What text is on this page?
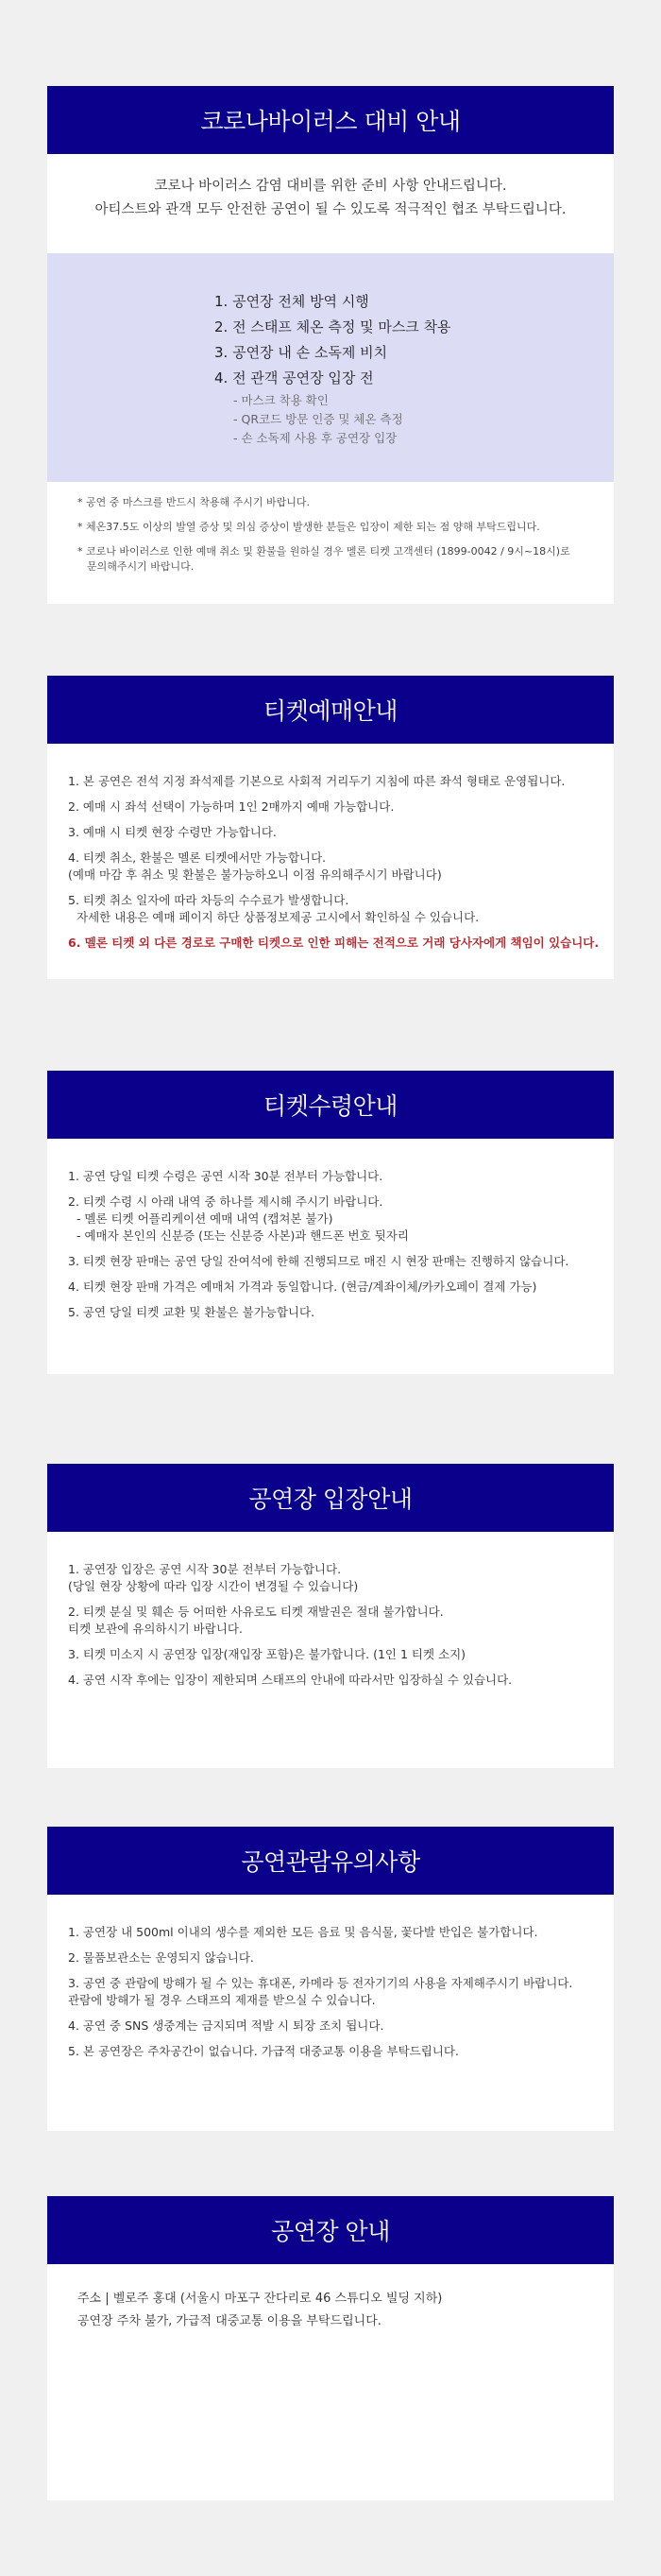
코로나바이러스 대비 안내

코로나 바이러스 감염 대비를 위한 준비 사항 안내드립니다.

아티스트와 관객 모두 안전한 공연이 될 수 있도록 적극적인 협조 부탁드립니다.

1. 공연장 전체 방역 시행
2. 전 스태프 체온 측정 및 마스크 착용
3. 공연장 내 손 소독제 비치
4. 전 관객 공연장 입장 전
- 마스크 착용 확인
- QR코드 방문 인증 및 체온 측정
- 손 소독제 사용 후 공연장 입장

* 공연 중 마스크를 반드시 착용해 주시기 바랍니다.

* 체온37.5도 이상의 발열 증상 및 의심 증상이 발생한 분들은 입장이 제한 되는 점 양해 부탁드립니다.

* 코로나 바이러스로 인한 예매 취소 및 환불을 원하실 경우 멜론 티켓 고객센터 (1899-0042 / 9시~18시)로

문의해주시기 바랍니다.
티켓예매안내
1. 본 공연은 전석 지정 좌석제를 기본으로 사회적 거리두기 지침에 따른 좌석 형태로 운영됩니다.
2. 예매 시 좌석 선택이 가능하며 1인 2매까지 예매 가능합니다.
3. 예매 시 티켓 현장 수령만 가능합니다.
4. 티켓 취소, 환불은 멜론 티켓에서만 가능합니다.
(예매 마감 후 취소 및 환불은 불가능하오니 이점 유의해주시기 바랍니다)
5. 티켓 취소 일자에 따라 차등의 수수료가 발생합니다.
자세한 내용은 예매 페이지 하단 상품정보제공 고시에서 확인하실 수 있습니다.
6. 멜론 티켓 외 다른 경로로 구매한 티켓으로 인한 피해는 전적으로 거래 당사자에게 책임이 있습니다.
티켓수령안내
1. 공연 당일 티켓 수령은 공연 시작 30분 전부터 가능합니다.
2. 티켓 수령 시 아래 내역 중 하나를 제시해 주시기 바랍니다.
- 멜론 티켓 어플리케이션 예매 내역 (캡쳐본 불가)
- 예매자 본인의 신분증 (또는 신분증 사본)과 핸드폰 번호 뒷자리
3. 티켓 현장 판매는 공연 당일 잔여석에 한해 진행되므로 매진 시 현장 판매는 진행하지 않습니다.
4. 티켓 현장 판매 가격은 예매처 가격과 동일합니다. (현금/계좌이체/카카오페이 결제 가능)
5. 공연 당일 티켓 교환 및 환불은 불가능합니다.
공연장 입장안내
1. 공연장 입장은 공연 시작 30분 전부터 가능합니다.
(당일 현장 상황에 따라 입장 시간이 변경될 수 있습니다)
2. 티켓 분실 및 훼손 등 어떠한 사유로도 티켓 재발권은 절대 불가합니다.
티켓 보관에 유의하시기 바랍니다.
3. 티켓 미소지 시 공연장 입장(재입장 포함)은 불가합니다. (1인 1 티켓 소지)
4. 공연 시작 후에는 입장이 제한되며 스태프의 안내에 따라서만 입장하실 수 있습니다.
공연관람유의사항
1. 공연장 내 500ml 이내의 생수를 제외한 모든 음료 및 음식물, 꽃다발 반입은 불가합니다.
2. 물품보관소는 운영되지 않습니다.
3. 공연 중 관람에 방해가 될 수 있는 휴대폰, 카메라 등 전자기기의 사용을 자제해주시기 바랍니다.
관람에 방해가 될 경우 스태프의 제재를 받으실 수 있습니다.
4. 공연 중 SNS 생중계는 금지되며 적발 시 퇴장 조치 됩니다.
5. 본 공연장은 주차공간이 없습니다. 가급적 대중교통 이용을 부탁드립니다.
공연장 안내
주소 | 벨로주 홍대 (서울시 마포구 잔다리로 46 스튜디오 빌딩 지하)
공연장 주차 불가, 가급적 대중교통 이용을 부탁드립니다.
